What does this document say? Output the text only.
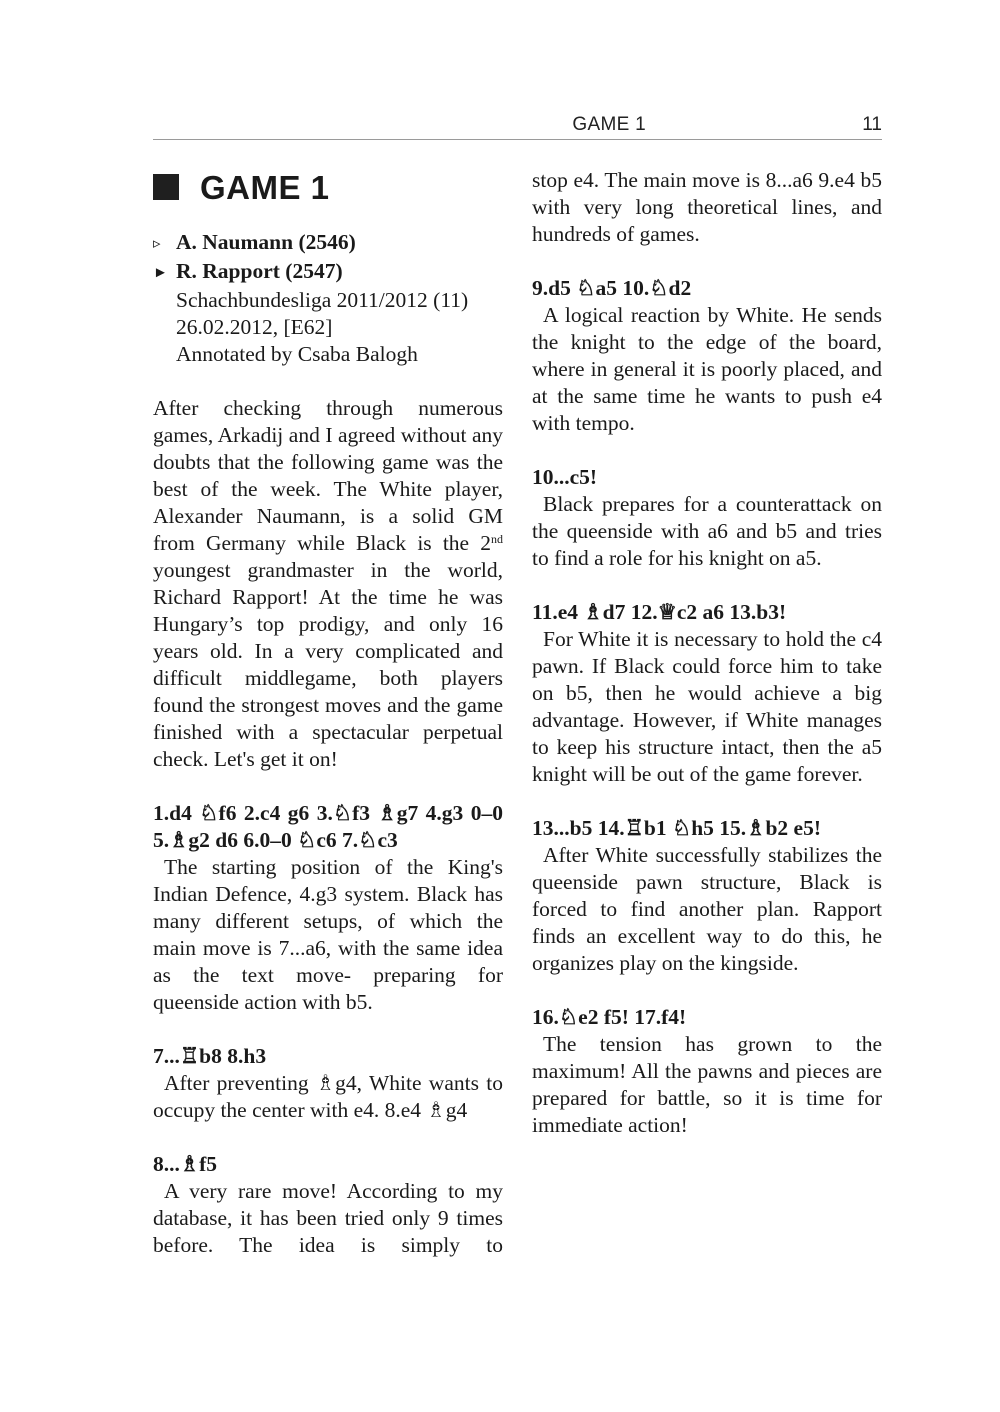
GAME 1	11
GAME 1

▹ A. Naumann (2546)

► R. Rapport (2547)

Schachbundesliga 2011/2012 (11)

26.02.2012, [E62]

Annotated by Csaba Balogh

After checking through numerous games, Arkadij and I agreed without any doubts that the following game was the best of the week. The White player, Alexander Naumann, is a solid GM from Germany while Black is the 2nd youngest grandmaster in the world, Richard Rapport! At the time he was Hungary’s top prodigy, and only 16 years old. In a very complicated and difficult middlegame, both players found the strongest moves and the game finished with a spectacular perpetual check. Let's get it on!

1.d4 ♘f6 2.c4 g6 3.♘f3 ♗g7 4.g3 0–0 5.♗g2 d6 6.0–0 ♘c6 7.♘c3

The starting position of the King's Indian Defence, 4.g3 system. Black has many different setups, of which the main move is 7...a6, with the same idea as the text move- preparing for queenside action with b5.

7...♖b8 8.h3

After preventing ♗g4, White wants to occupy the center with e4. 8.e4 ♗g4

8...♗f5

A very rare move! According to my database, it has been tried only 9 times before. The idea is simply to

stop e4. The main move is 8...a6 9.e4 b5 with very long theoretical lines, and hundreds of games.

9.d5 ♘a5 10.♘d2

A logical reaction by White. He sends the knight to the edge of the board, where in general it is poorly placed, and at the same time he wants to push e4 with tempo.

10...c5!

Black prepares for a counterattack on the queenside with a6 and b5 and tries to find a role for his knight on a5.

11.e4 ♗d7 12.♕c2 a6 13.b3!

For White it is necessary to hold the c4 pawn. If Black could force him to take on b5, then he would achieve a big advantage. However, if White manages to keep his structure intact, then the a5 knight will be out of the game forever.

13...b5 14.♖b1 ♘h5 15.♗b2 e5!

After White successfully stabilizes the queenside pawn structure, Black is forced to find another plan. Rapport finds an excellent way to do this, he organizes play on the kingside.

16.♘e2 f5! 17.f4!

The tension has grown to the maximum! All the pawns and pieces are prepared for battle, so it is time for immediate action!
